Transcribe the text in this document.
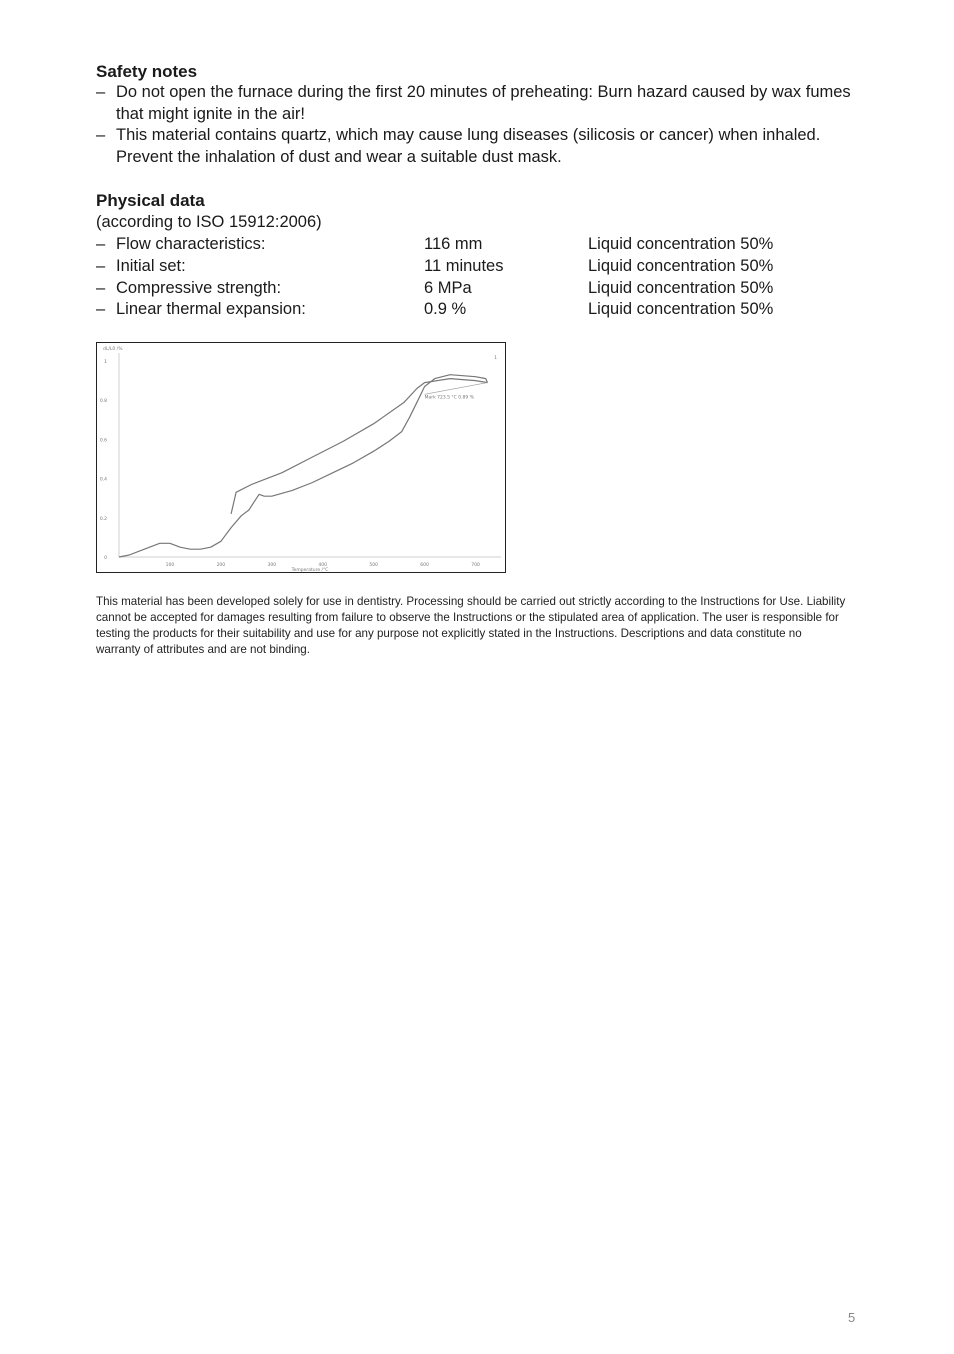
Safety notes
– Do not open the furnace during the first 20 minutes of preheating: Burn hazard caused by wax fumes that might ignite in the air!
– This material contains quartz, which may cause lung diseases (silicosis or cancer) when inhaled. Prevent the inhalation of dust and wear a suitable dust mask.
Physical data
(according to ISO 15912:2006)
– Flow characteristics:	116 mm	Liquid concentration 50%
– Initial set:	11 minutes	Liquid concentration 50%
– Compressive strength:	6 MPa	Liquid concentration 50%
– Linear thermal expansion:	0.9 %	Liquid concentration 50%
0
0.2
0.4
0.6
0.8
1
100	200	300	400	500	600	700
dL/L0 /%
Temperature /°C
Mark 723.5 °C 0.89 %
1
This material has been developed solely for use in dentistry. Processing should be carried out strictly according to the Instructions for Use. Liability cannot be accepted for damages resulting from failure to observe the Instructions or the stipulated area of application. The user is responsible for testing the products for their suitability and use for any purpose not explicitly stated in the Instructions. Descriptions and data constitute no warranty of attributes and are not binding.
5
